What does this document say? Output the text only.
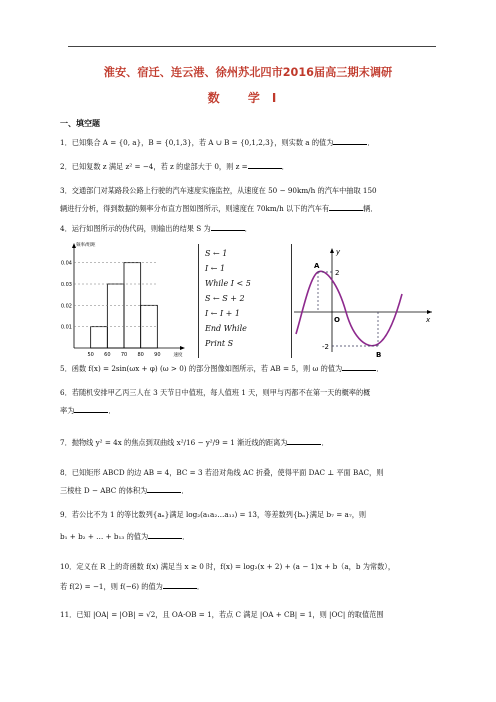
淮安、宿迁、连云港、徐州苏北四市2016届高三期末调研
数 学Ⅰ
一、填空题
1．已知集合 A = {0, a}，B = {0,1,3}，若 A ∪ B = {0,1,2,3}，则实数 a 的值为	．
2．已知复数 z 满足 z² = −4，若 z 的虚部大于 0，则 z =	．
3．交通部门对某路段公路上行驶的汽车速度实施监控，从速度在 50 − 90km/h 的汽车中抽取 150
辆进行分析，得到数据的频率分布直方图如图所示，则速度在 70km/h 以下的汽车有	辆．
4．运行如图所示的伪代码，则输出的结果 S 为	．
0.01
0.02
0.03
0.04
50 60 70 80 90	速度
频率/组距
S ← 1
I ← 1
While I < 5
S ← S + 2
I ← I + 1
End While
Print S
A
B
2
-2
O
y
x
5．函数 f(x) = 2sin(ωx + φ) (ω > 0) 的部分图像如图所示，若 AB = 5，则 ω 的值为	．
6．若随机安排甲乙丙三人在 3 天节日中值班，每人值班 1 天，则甲与丙都不在第一天的概率的概
率为	．
7．抛物线 y² = 4x 的焦点到双曲线 x²/16 − y²/9 = 1 渐近线的距离为	．
8．已知矩形 ABCD 的边 AB = 4，BC = 3 若沿对角线 AC 折叠，使得平面 DAC ⊥ 平面 BAC，则
三棱柱 D − ABC 的体积为	．
9．若公比不为 1 的等比数列{aₙ}满足 log₂(a₁a₂…a₁₃) = 13，等差数列{bₙ}满足 b₇ = a₇，则
b₁ + b₂ + … + b₁₃ 的值为	．
10．定义在 R 上的奇函数 f(x) 满足当 x ≥ 0 时，f(x) = log₂(x + 2) + (a − 1)x + b（a，b 为常数），
若 f(2) = −1，则 f(−6) 的值为	．
11．已知 |OA| = |OB| = √2，且 OA·OB = 1，若点 C 满足 |OA + CB| = 1，则 |OC| 的取值范围
